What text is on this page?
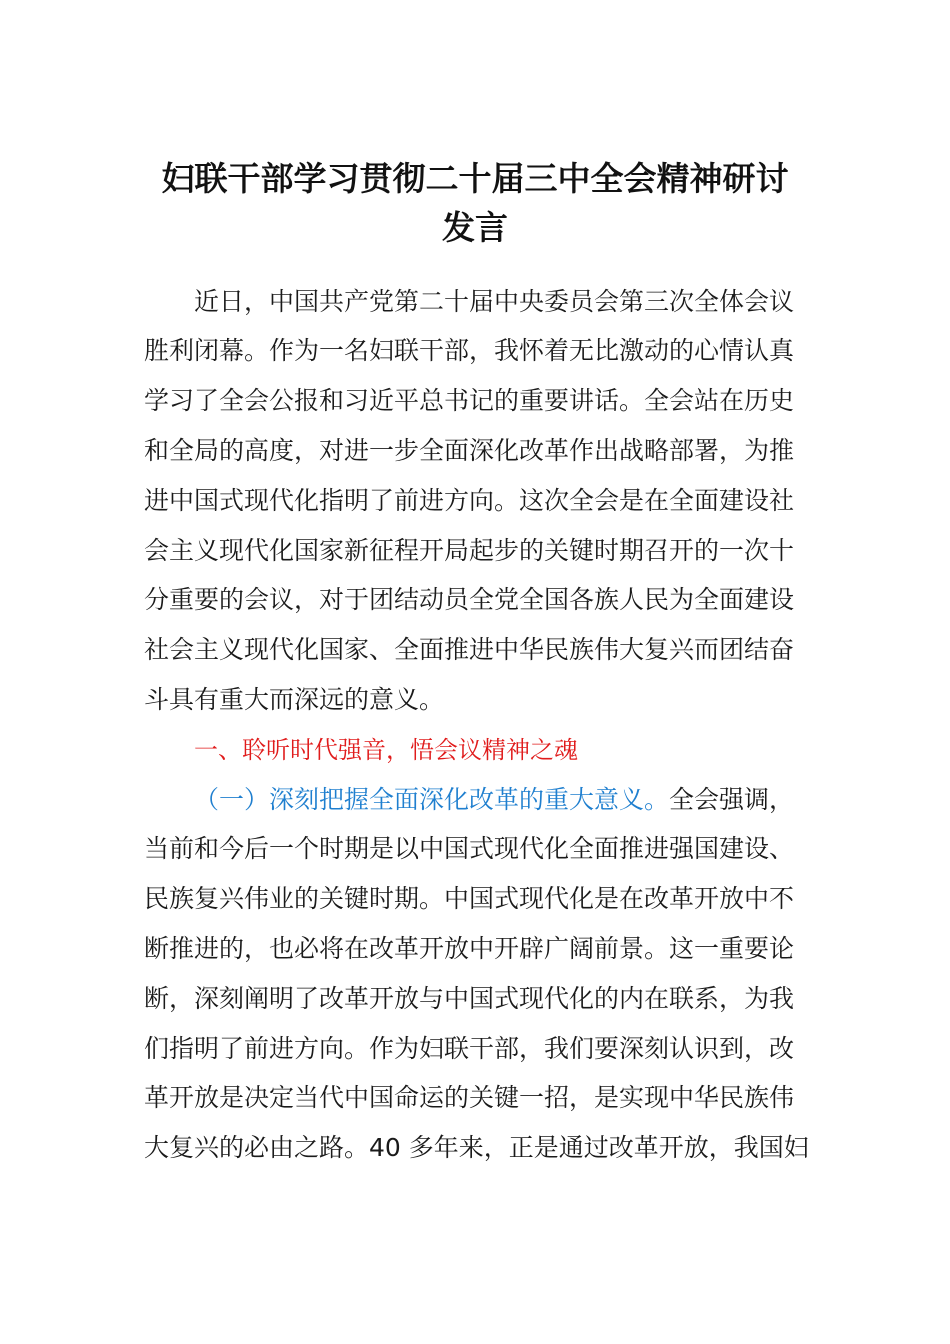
妇联干部学习贯彻二十届三中全会精神研讨
发言

近日，中国共产党第二十届中央委员会第三次全体会议

胜利闭幕。作为一名妇联干部，我怀着无比激动的心情认真

学习了全会公报和习近平总书记的重要讲话。全会站在历史

和全局的高度，对进一步全面深化改革作出战略部署，为推

进中国式现代化指明了前进方向。这次全会是在全面建设社

会主义现代化国家新征程开局起步的关键时期召开的一次十

分重要的会议，对于团结动员全党全国各族人民为全面建设

社会主义现代化国家、全面推进中华民族伟大复兴而团结奋

斗具有重大而深远的意义。

一、聆听时代强音，悟会议精神之魂

（一）深刻把握全面深化改革的重大意义。全会强调，

当前和今后一个时期是以中国式现代化全面推进强国建设、

民族复兴伟业的关键时期。中国式现代化是在改革开放中不

断推进的，也必将在改革开放中开辟广阔前景。这一重要论

断，深刻阐明了改革开放与中国式现代化的内在联系，为我

们指明了前进方向。作为妇联干部，我们要深刻认识到，改

革开放是决定当代中国命运的关键一招，是实现中华民族伟

大复兴的必由之路。40 多年来，正是通过改革开放，我国妇
